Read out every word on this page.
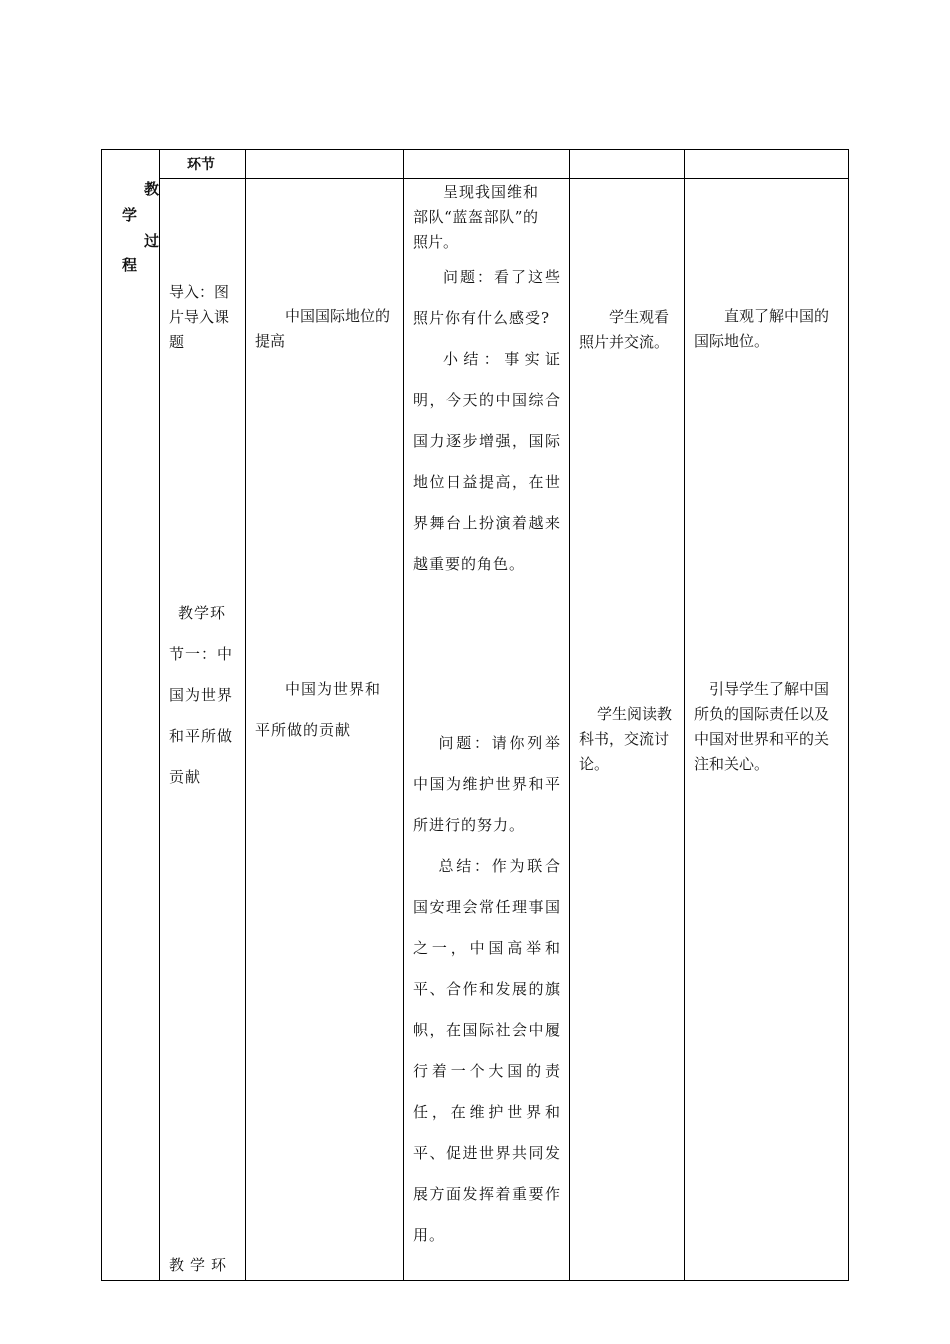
教
学
过
程
环节
导入：图片导入课题
中国国际地位的提高

呈现我国维和部队“蓝盔部队”的照片。

问题：看了这些照片你有什么感受?

小结：事实证明，今天的中国综合国力逐步增强，国际地位日益提高，在世界舞台上扮演着越来越重要的角色。

学生观看照片并交流。
直观了解中国的国际地位。
教学环节一：中国为世界和平所做贡献
中国为世界和平所做的贡献

问题：请你列举中国为维护世界和平所进行的努力。

总结：作为联合国安理会常任理事国之一，中国高举和平、合作和发展的旗帜，在国际社会中履行着一个大国的责任，在维护世界和平、促进世界共同发展方面发挥着重要作用。

学生阅读教科书，交流讨论。
引导学生了解中国所负的国际责任以及中国对世界和平的关注和关心。
教学环
